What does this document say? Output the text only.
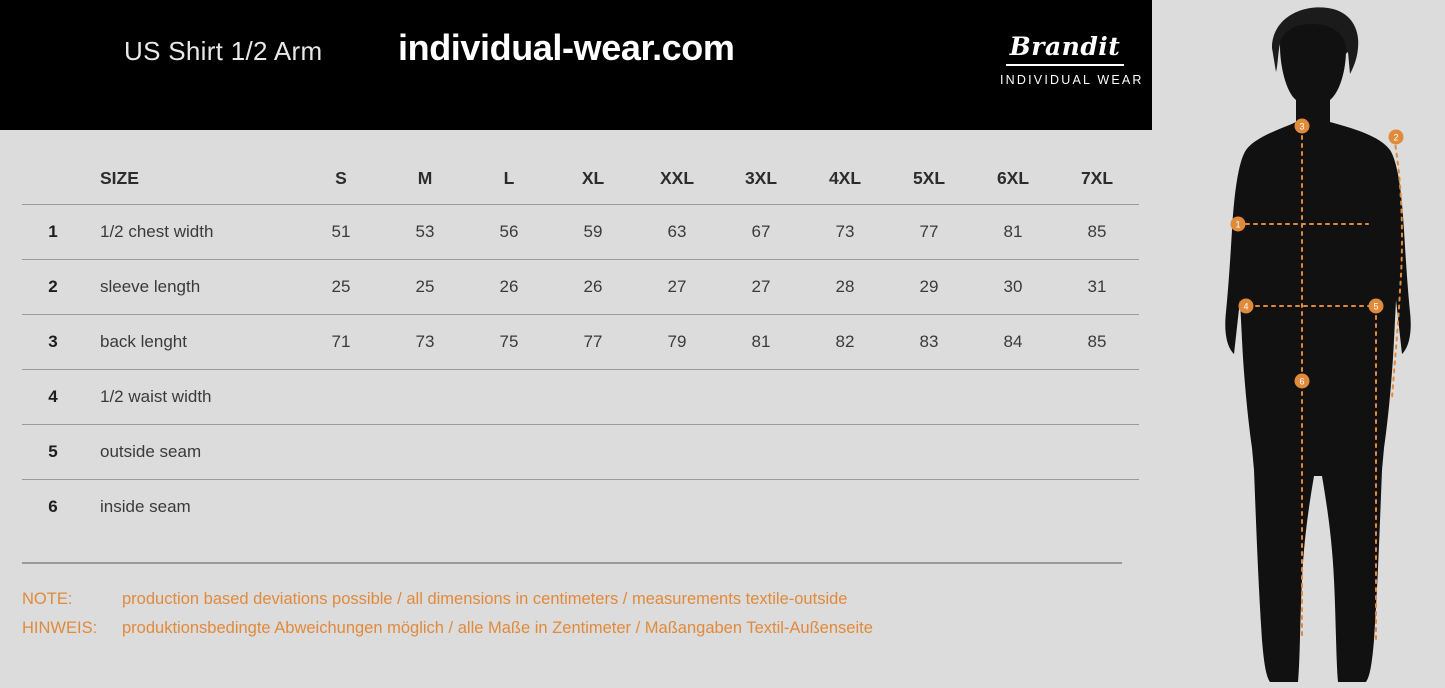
US Shirt 1/2 Arm individual-wear.com	Brandit
INDIVIDUAL WEAR
	SIZE	S	M	L	XL	XXL	3XL	4XL	5XL	6XL	7XL
1	1/2 chest width	51	53	56	59	63	67	73	77	81	85
2	sleeve length	25	25	26	26	27	27	28	29	30	31
3	back lenght	71	73	75	77	79	81	82	83	84	85
4	1/2 waist width										
5	outside seam										
6	inside seam										
NOTE:	production based deviations possible / all dimensions in centimeters / measurements textile-outside
HINWEIS: produktionsbedingte Abweichungen möglich / alle Maße in Zentimeter / Maßangaben Textil-Außenseite
1
2
3
4	5
6
